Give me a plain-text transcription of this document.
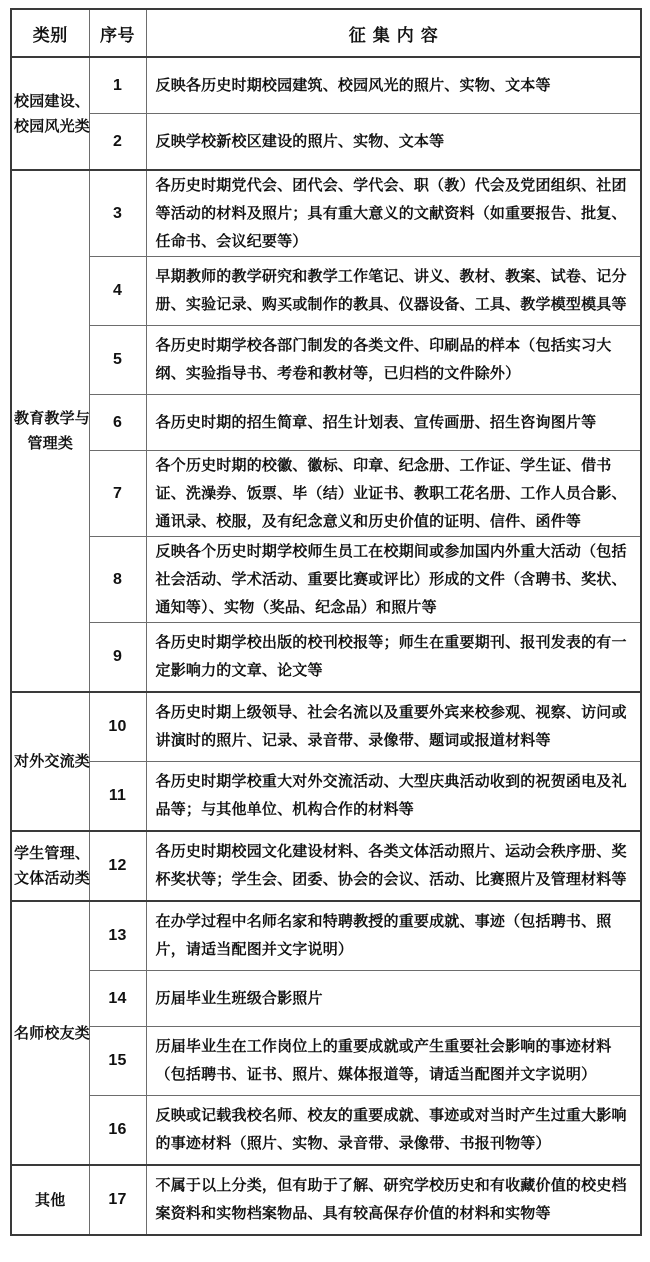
类别	序号	征集内容
校园建设、
校园风光类	1	反映各历史时期校园建筑、校园风光的照片、实物、文本等
	2	反映学校新校区建设的照片、实物、文本等
教育教学与
管理类	3	各历史时期党代会、团代会、学代会、职（教）代会及党团组织、社团等活动的材料及照片；具有重大意义的文献资料（如重要报告、批复、任命书、会议纪要等）
	4	早期教师的教学研究和教学工作笔记、讲义、教材、教案、试卷、记分册、实验记录、购买或制作的教具、仪器设备、工具、教学模型模具等
	5	各历史时期学校各部门制发的各类文件、印刷品的样本（包括实习大纲、实验指导书、考卷和教材等，已归档的文件除外）
	6	各历史时期的招生简章、招生计划表、宣传画册、招生咨询图片等
	7	各个历史时期的校徽、徽标、印章、纪念册、工作证、学生证、借书证、洗澡券、饭票、毕（结）业证书、教职工花名册、工作人员合影、通讯录、校服，及有纪念意义和历史价值的证明、信件、函件等
	8	反映各个历史时期学校师生员工在校期间或参加国内外重大活动（包括社会活动、学术活动、重要比赛或评比）形成的文件（含聘书、奖状、通知等）、实物（奖品、纪念品）和照片等
	9	各历史时期学校出版的校刊校报等；师生在重要期刊、报刊发表的有一定影响力的文章、论文等
对外交流类	10	各历史时期上级领导、社会名流以及重要外宾来校参观、视察、访问或讲演时的照片、记录、录音带、录像带、题词或报道材料等
	11	各历史时期学校重大对外交流活动、大型庆典活动收到的祝贺函电及礼品等；与其他单位、机构合作的材料等
学生管理、
文体活动类	12	各历史时期校园文化建设材料、各类文体活动照片、运动会秩序册、奖杯奖状等；学生会、团委、协会的会议、活动、比赛照片及管理材料等
名师校友类	13	在办学过程中名师名家和特聘教授的重要成就、事迹（包括聘书、照片，请适当配图并文字说明）
	14	历届毕业生班级合影照片
	15	历届毕业生在工作岗位上的重要成就或产生重要社会影响的事迹材料（包括聘书、证书、照片、媒体报道等，请适当配图并文字说明）
	16	反映或记载我校名师、校友的重要成就、事迹或对当时产生过重大影响的事迹材料（照片、实物、录音带、录像带、书报刊物等）
其他	17	不属于以上分类，但有助于了解、研究学校历史和有收藏价值的校史档案资料和实物档案物品、具有较高保存价值的材料和实物等
